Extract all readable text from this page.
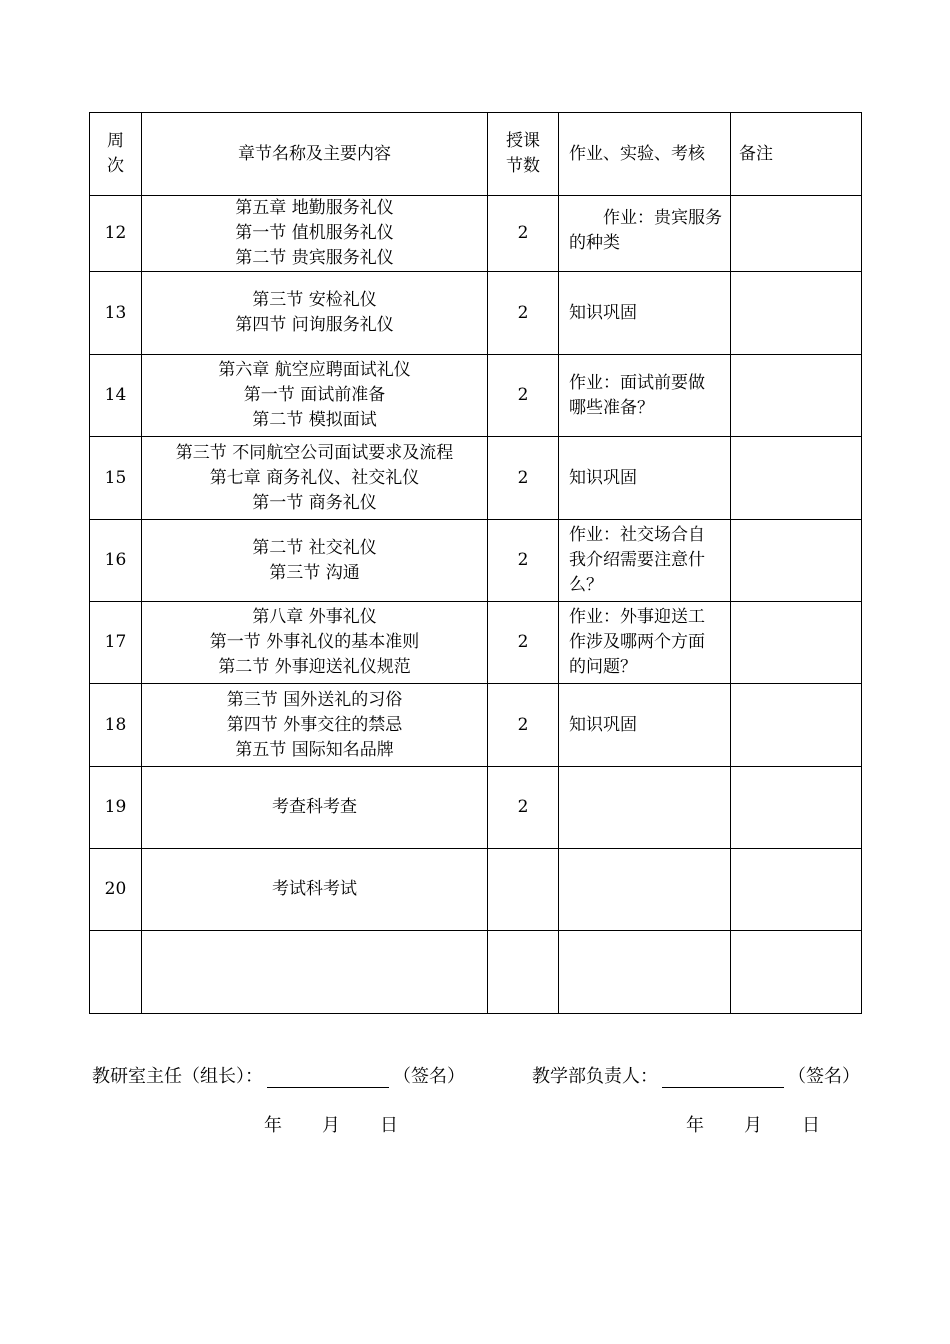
周
次	章节名称及主要内容	授课
节数	作业、实验、考核	备注
12	第五章 地勤服务礼仪
第一节 值机服务礼仪
第二节 贵宾服务礼仪	2	作业：贵宾服务
的种类	

13	第三节 安检礼仪
第四节 问询服务礼仪	2	知识巩固	

14	第六章 航空应聘面试礼仪
第一节 面试前准备
第二节 模拟面试	2	作业：面试前要做
哪些准备？	

15	第三节 不同航空公司面试要求及流程
第七章 商务礼仪、社交礼仪
第一节 商务礼仪	2	知识巩固	

16	第二节 社交礼仪
第三节 沟通	2	作业：社交场合自
我介绍需要注意什
么？	

17	第八章 外事礼仪
第一节 外事礼仪的基本准则
第二节 外事迎送礼仪规范	2	作业：外事迎送工
作涉及哪两个方面
的问题？	

18	第三节 国外送礼的习俗
第四节 外事交往的禁忌
第五节 国际知名品牌	2	知识巩固	

19	考查科考查	2		
20	考试科考试			

教研室主任（组长）：	（签名）	教学部负责人：	（签名）
年 月 日	年 月 日
